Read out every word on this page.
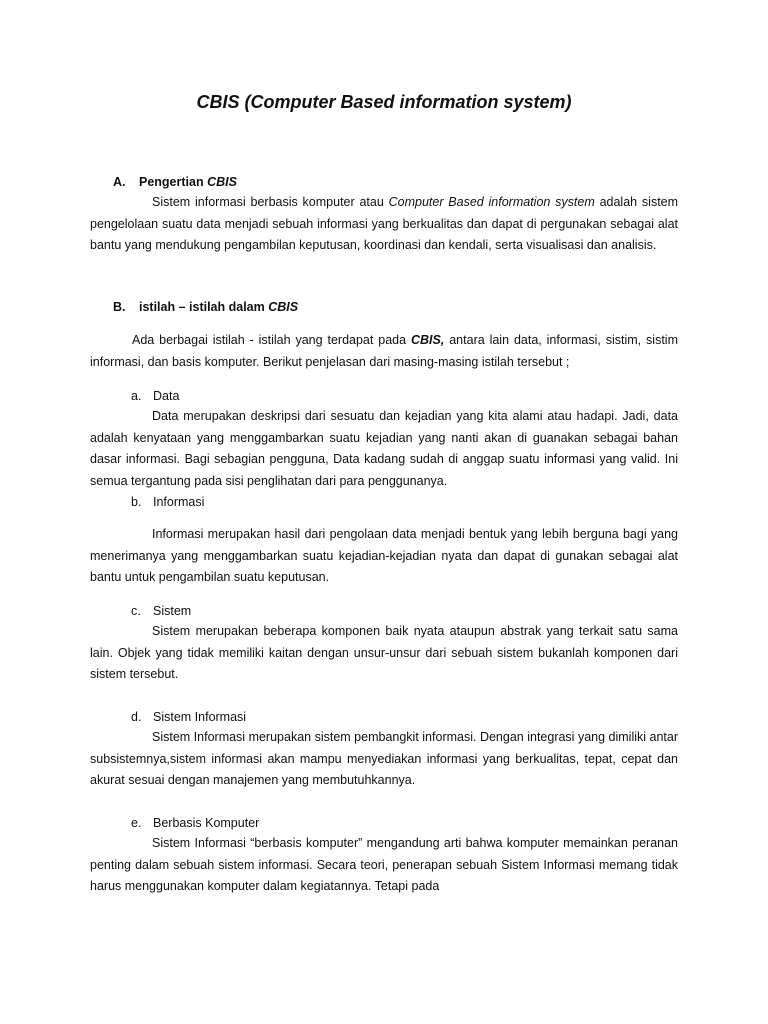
CBIS (Computer Based information system)
A. Pengertian CBIS
Sistem informasi berbasis komputer atau Computer Based information system adalah sistem pengelolaan suatu data menjadi sebuah informasi yang berkualitas dan dapat di pergunakan sebagai alat bantu yang mendukung pengambilan keputusan, koordinasi dan kendali, serta visualisasi dan analisis.
B. istilah – istilah dalam CBIS
Ada berbagai istilah - istilah yang terdapat pada CBIS, antara lain data, informasi, sistim, sistim informasi, dan basis komputer. Berikut penjelasan dari masing-masing istilah tersebut ;
a. Data
Data merupakan deskripsi dari sesuatu dan kejadian yang kita alami atau hadapi. Jadi, data adalah kenyataan yang menggambarkan suatu kejadian yang nanti akan di guanakan sebagai bahan dasar informasi. Bagi sebagian pengguna, Data kadang sudah di anggap suatu informasi yang valid. Ini semua tergantung pada sisi penglihatan dari para penggunanya.
b. Informasi
Informasi merupakan hasil dari pengolaan data menjadi bentuk yang lebih berguna bagi yang menerimanya yang menggambarkan suatu kejadian-kejadian nyata dan dapat di gunakan sebagai alat bantu untuk pengambilan suatu keputusan.
c. Sistem
Sistem merupakan beberapa komponen baik nyata ataupun abstrak yang terkait satu sama lain. Objek yang tidak memiliki kaitan dengan unsur-unsur dari sebuah sistem bukanlah komponen dari sistem tersebut.
d. Sistem Informasi
Sistem Informasi merupakan sistem pembangkit informasi. Dengan integrasi yang dimiliki antar subsistemnya,sistem informasi akan mampu menyediakan informasi yang berkualitas, tepat, cepat dan akurat sesuai dengan manajemen yang membutuhkannya.
e. Berbasis Komputer
Sistem Informasi “berbasis komputer” mengandung arti bahwa komputer memainkan peranan penting dalam sebuah sistem informasi. Secara teori, penerapan sebuah Sistem Informasi memang tidak harus menggunakan komputer dalam kegiatannya. Tetapi pada
